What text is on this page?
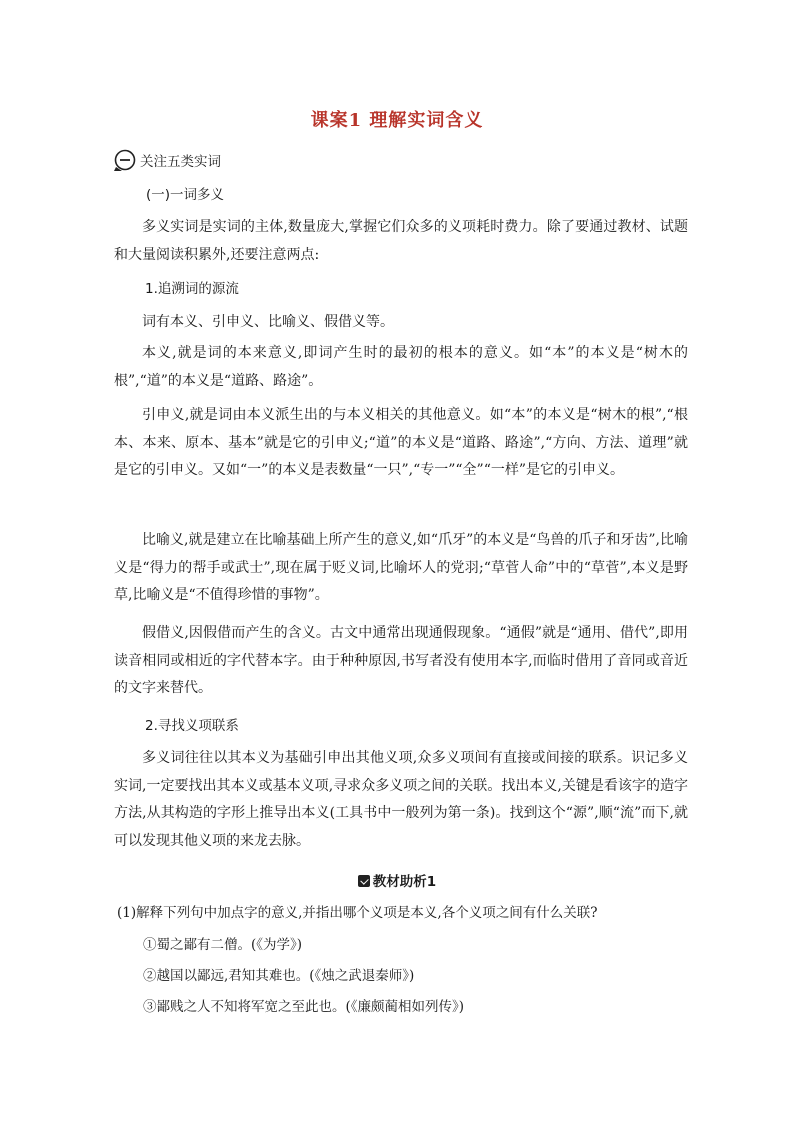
课案1 理解实词含义
关注五类实词
(一)一词多义
多义实词是实词的主体,数量庞大,掌握它们众多的义项耗时费力。除了要通过教材、试题和大量阅读积累外,还要注意两点:
1.追溯词的源流
词有本义、引申义、比喻义、假借义等。
本义,就是词的本来意义,即词产生时的最初的根本的意义。如“本”的本义是“树木的根”,“道”的本义是“道路、路途”。
引申义,就是词由本义派生出的与本义相关的其他意义。如“本”的本义是“树木的根”,“根本、本来、原本、基本”就是它的引申义;“道”的本义是“道路、路途”,“方向、方法、道理”就是它的引申义。又如“一”的本义是表数量“一只”,“专一”“全”“一样”是它的引申义。
比喻义,就是建立在比喻基础上所产生的意义,如“爪牙”的本义是“鸟兽的爪子和牙齿”,比喻义是“得力的帮手或武士”,现在属于贬义词,比喻坏人的党羽;“草菅人命”中的“草菅”,本义是野草,比喻义是“不值得珍惜的事物”。
假借义,因假借而产生的含义。古文中通常出现通假现象。“通假”就是“通用、借代”,即用读音相同或相近的字代替本字。由于种种原因,书写者没有使用本字,而临时借用了音同或音近的文字来替代。
2.寻找义项联系
多义词往往以其本义为基础引申出其他义项,众多义项间有直接或间接的联系。识记多义实词,一定要找出其本义或基本义项,寻求众多义项之间的关联。找出本义,关键是看该字的造字方法,从其构造的字形上推导出本义(工具书中一般列为第一条)。找到这个“源”,顺“流”而下,就可以发现其他义项的来龙去脉。
教材助析1
(1)解释下列句中加点字的意义,并指出哪个义项是本义,各个义项之间有什么关联?
①蜀之鄙有二僧。(《为学》)
②越国以鄙远,君知其难也。(《烛之武退秦师》)
③鄙贱之人不知将军宽之至此也。(《廉颇蔺相如列传》)
